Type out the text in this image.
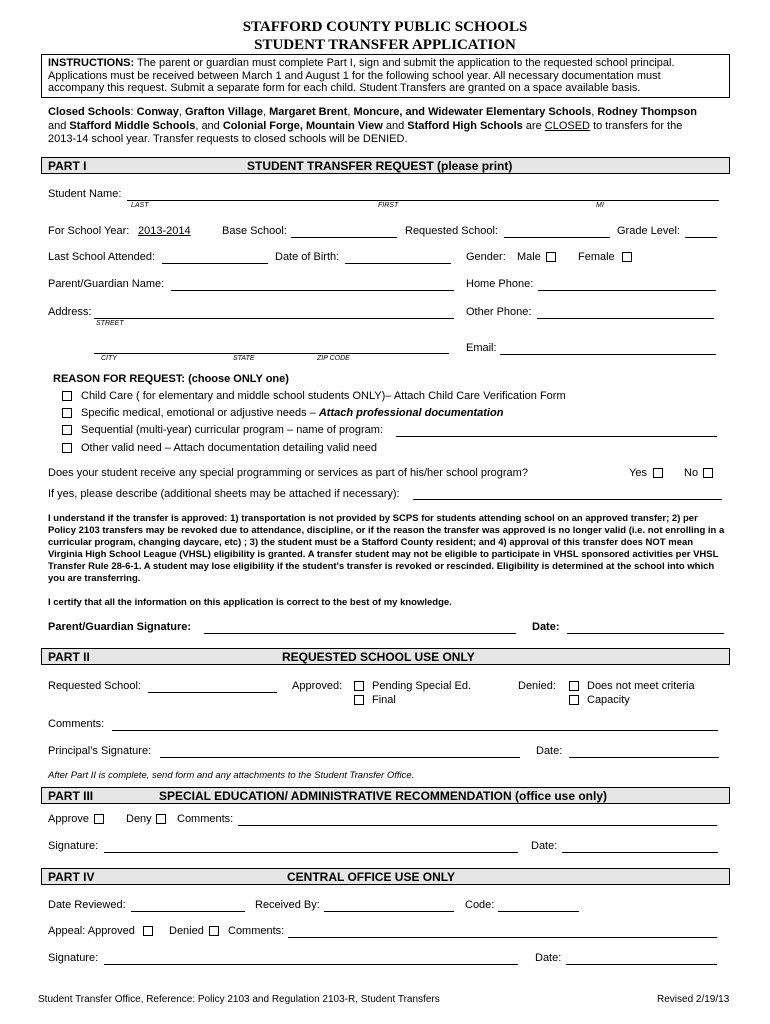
STAFFORD COUNTY PUBLIC SCHOOLS
STUDENT TRANSFER APPLICATION
INSTRUCTIONS: The parent or guardian must complete Part I, sign and submit the application to the requested school principal.
Applications must be received between March 1 and August 1 for the following school year. All necessary documentation must
accompany this request. Submit a separate form for each child. Student Transfers are granted on a space available basis.
Closed Schools: Conway, Grafton Village, Margaret Brent, Moncure, and Widewater Elementary Schools, Rodney Thompson
and Stafford Middle Schools, and Colonial Forge, Mountain View and Stafford High Schools are CLOSED to transfers for the
2013-14 school year. Transfer requests to closed schools will be DENIED.
PART I	STUDENT TRANSFER REQUEST (please print)
Student Name:
LAST	FIRST	MI
For School Year: 2013-2014	Base School:	Requested School:	Grade Level:
Last School Attended:	Date of Birth:	Gender: Male	Female
Parent/Guardian Name:	Home Phone:
Address:
STREET
Other Phone:
CITY	STATE	ZIP CODE
Email:
REASON FOR REQUEST: (choose ONLY one)
Child Care ( for elementary and middle school students ONLY)– Attach Child Care Verification Form
Specific medical, emotional or adjustive needs – Attach professional documentation
Sequential (multi-year) curricular program – name of program:
Other valid need – Attach documentation detailing valid need
Does your student receive any special programming or services as part of his/her school program?	Yes	No
If yes, please describe (additional sheets may be attached if necessary):
I understand if the transfer is approved: 1) transportation is not provided by SCPS for students attending school on an approved transfer; 2) per Policy 2103 transfers may be revoked due to attendance, discipline, or if the reason the transfer was approved is no longer valid (i.e. not enrolling in a curricular program, changing daycare, etc) ; 3) the student must be a Stafford County resident; and 4) approval of this transfer does NOT mean Virginia High School League (VHSL) eligibility is granted. A transfer student may not be eligible to participate in VHSL sponsored activities per VHSL Transfer Rule 28-6-1. A student may lose eligibility if the student's transfer is revoked or rescinded. Eligibility is determined at the school into which you are transferring.
I certify that all the information on this application is correct to the best of my knowledge.
Parent/Guardian Signature:	Date:
PART II	REQUESTED SCHOOL USE ONLY
Requested School:	Approved:	Pending Special Ed.
Final
Denied:	Does not meet criteria
Capacity
Comments:
Principal’s Signature:	Date:
After Part II is complete, send form and any attachments to the Student Transfer Office.
PART III	SPECIAL EDUCATION/ ADMINISTRATIVE RECOMMENDATION (office use only)
Approve	Deny Comments:
Signature:	Date:
PART IV	CENTRAL OFFICE USE ONLY
Date Reviewed:	Received By:	Code:
Appeal: Approved	Denied Comments:
Signature:	Date:
Student Transfer Office, Reference: Policy 2103 and Regulation 2103-R, Student Transfers	Revised 2/19/13
